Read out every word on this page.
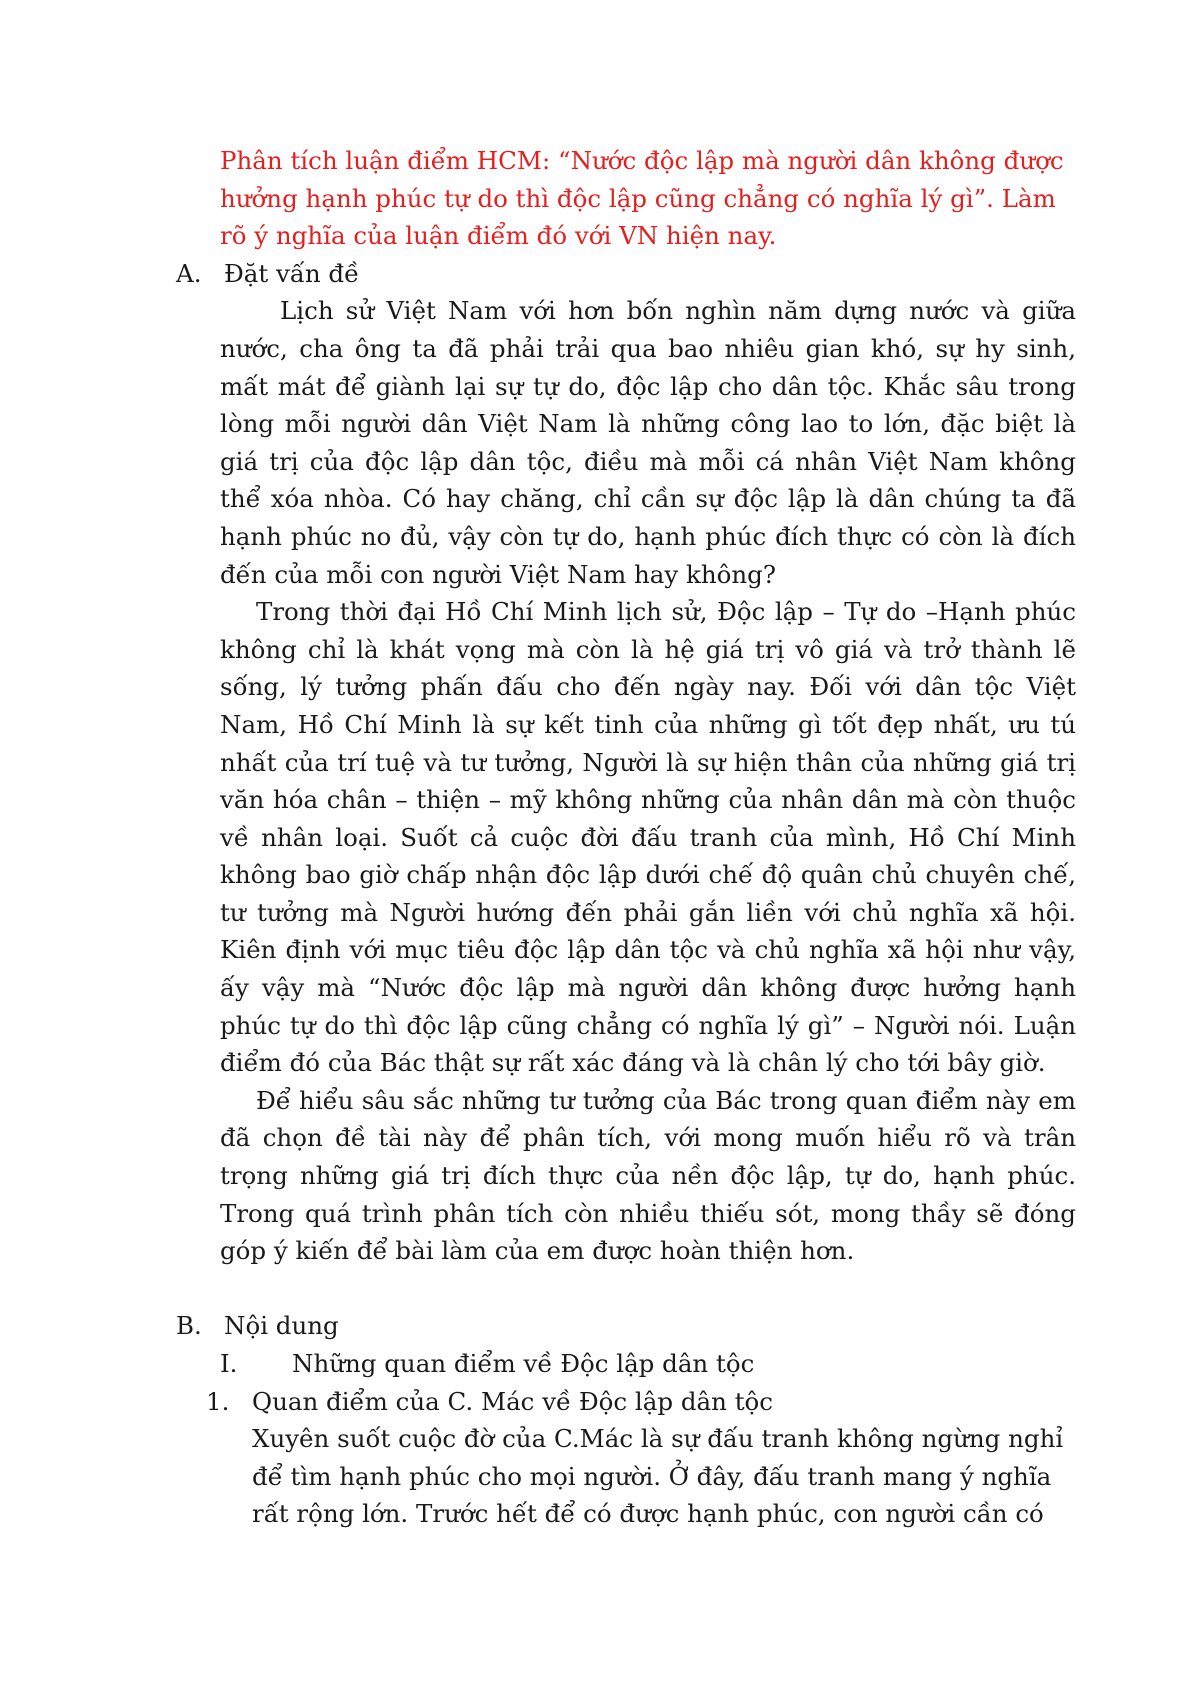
Phân tích luận điểm HCM: “Nước độc lập mà người dân không được hưởng hạnh phúc tự do thì độc lập cũng chẳng có nghĩa lý gì”. Làm rõ ý nghĩa của luận điểm đó với VN hiện nay.
A. Đặt vấn đề
Lịch sử Việt Nam với hơn bốn nghìn năm dựng nước và giữa nước, cha ông ta đã phải trải qua bao nhiêu gian khó, sự hy sinh, mất mát để giành lại sự tự do, độc lập cho dân tộc. Khắc sâu trong lòng mỗi người dân Việt Nam là những công lao to lớn, đặc biệt là giá trị của độc lập dân tộc, điều mà mỗi cá nhân Việt Nam không thể xóa nhòa. Có hay chăng, chỉ cần sự độc lập là dân chúng ta đã hạnh phúc no đủ, vậy còn tự do, hạnh phúc đích thực có còn là đích đến của mỗi con người Việt Nam hay không?
Trong thời đại Hồ Chí Minh lịch sử, Độc lập – Tự do –Hạnh phúc không chỉ là khát vọng mà còn là hệ giá trị vô giá và trở thành lẽ sống, lý tưởng phấn đấu cho đến ngày nay. Đối với dân tộc Việt Nam, Hồ Chí Minh là sự kết tinh của những gì tốt đẹp nhất, ưu tú nhất của trí tuệ và tư tưởng, Người là sự hiện thân của những giá trị văn hóa chân – thiện – mỹ không những của nhân dân mà còn thuộc về nhân loại. Suốt cả cuộc đời đấu tranh của mình, Hồ Chí Minh không bao giờ chấp nhận độc lập dưới chế độ quân chủ chuyên chế, tư tưởng mà Người hướng đến phải gắn liền với chủ nghĩa xã hội. Kiên định với mục tiêu độc lập dân tộc và chủ nghĩa xã hội như vậy, ấy vậy mà “Nước độc lập mà người dân không được hưởng hạnh phúc tự do thì độc lập cũng chẳng có nghĩa lý gì” – Người nói. Luận điểm đó của Bác thật sự rất xác đáng và là chân lý cho tới bây giờ.
Để hiểu sâu sắc những tư tưởng của Bác trong quan điểm này em đã chọn đề tài này để phân tích, với mong muốn hiểu rõ và trân trọng những giá trị đích thực của nền độc lập, tự do, hạnh phúc. Trong quá trình phân tích còn nhiều thiếu sót, mong thầy sẽ đóng góp ý kiến để bài làm của em được hoàn thiện hơn.
B. Nội dung
I.	Những quan điểm về Độc lập dân tộc
1. Quan điểm của C. Mác về Độc lập dân tộc
Xuyên suốt cuộc đờ của C.Mác là sự đấu tranh không ngừng nghỉ để tìm hạnh phúc cho mọi người. Ở đây, đấu tranh mang ý nghĩa rất rộng lớn. Trước hết để có được hạnh phúc, con người cần có
